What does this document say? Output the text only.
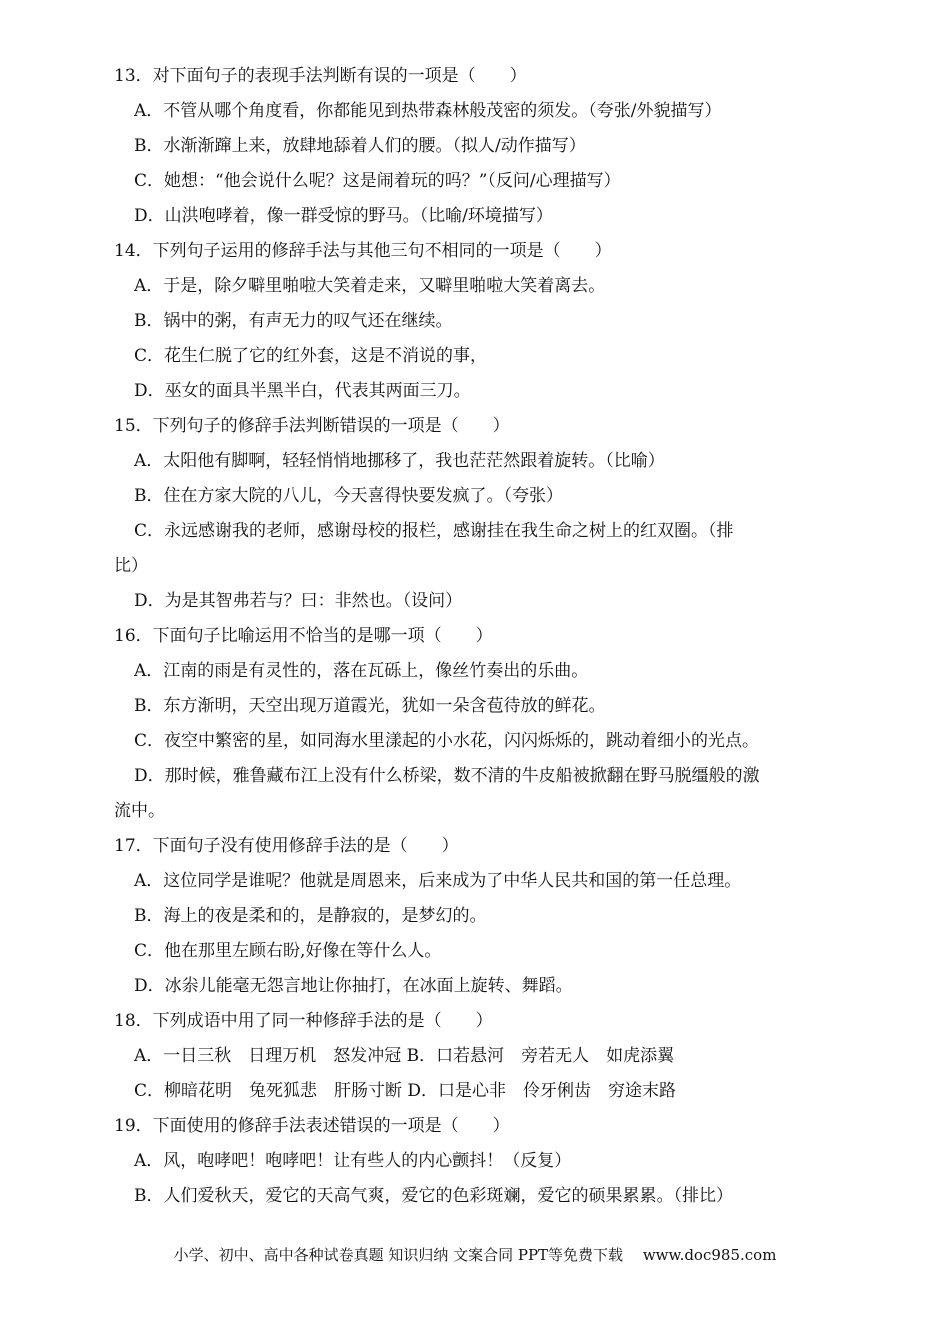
13．对下面句子的表现手法判断有误的一项是（　　）
A．不管从哪个角度看，你都能见到热带森林般茂密的须发。（夸张/外貌描写）
B．水渐渐蹿上来，放肆地舔着人们的腰。（拟人/动作描写）
C．她想：“他会说什么呢？这是闹着玩的吗？”（反问/心理描写）
D．山洪咆哮着，像一群受惊的野马。（比喻/环境描写）
14．下列句子运用的修辞手法与其他三句不相同的一项是（　　）
A．于是，除夕噼里啪啦大笑着走来，又噼里啪啦大笑着离去。
B．锅中的粥，有声无力的叹气还在继续。
C．花生仁脱了它的红外套，这是不消说的事，
D．巫女的面具半黑半白，代表其两面三刀。
15．下列句子的修辞手法判断错误的一项是（　　）
A．太阳他有脚啊，轻轻悄悄地挪移了，我也茫茫然跟着旋转。（比喻）
B．住在方家大院的八儿，今天喜得快要发疯了。（夸张）
C．永远感谢我的老师，感谢母校的报栏，感谢挂在我生命之树上的红双圈。（排
比）
D．为是其智弗若与？曰：非然也。（设问）
16．下面句子比喻运用不恰当的是哪一项（　　）
A．江南的雨是有灵性的，落在瓦砾上，像丝竹奏出的乐曲。
B．东方渐明，天空出现万道霞光，犹如一朵含苞待放的鲜花。
C．夜空中繁密的星，如同海水里漾起的小水花，闪闪烁烁的，跳动着细小的光点。
D．那时候，雅鲁藏布江上没有什么桥梁，数不清的牛皮船被掀翻在野马脱缰般的激
流中。
17．下面句子没有使用修辞手法的是（　　）
A．这位同学是谁呢？他就是周恩来，后来成为了中华人民共和国的第一任总理。
B．海上的夜是柔和的，是静寂的，是梦幻的。
C．他在那里左顾右盼,好像在等什么人。
D．冰尜儿能毫无怨言地让你抽打，在冰面上旋转、舞蹈。
18．下列成语中用了同一种修辞手法的是（　　）
A．一日三秋　日理万机　怒发冲冠 B．口若悬河　旁若无人　如虎添翼
C．柳暗花明　兔死狐悲　肝肠寸断 D．口是心非　伶牙俐齿　穷途末路
19．下面使用的修辞手法表述错误的一项是（　　）
A．风，咆哮吧！咆哮吧！让有些人的内心颤抖！（反复）
B．人们爱秋天，爱它的天高气爽，爱它的色彩斑斓，爱它的硕果累累。（排比）
小学、初中、高中各种试卷真题 知识归纳 文案合同 PPT等免费下载　 www.doc985.com
